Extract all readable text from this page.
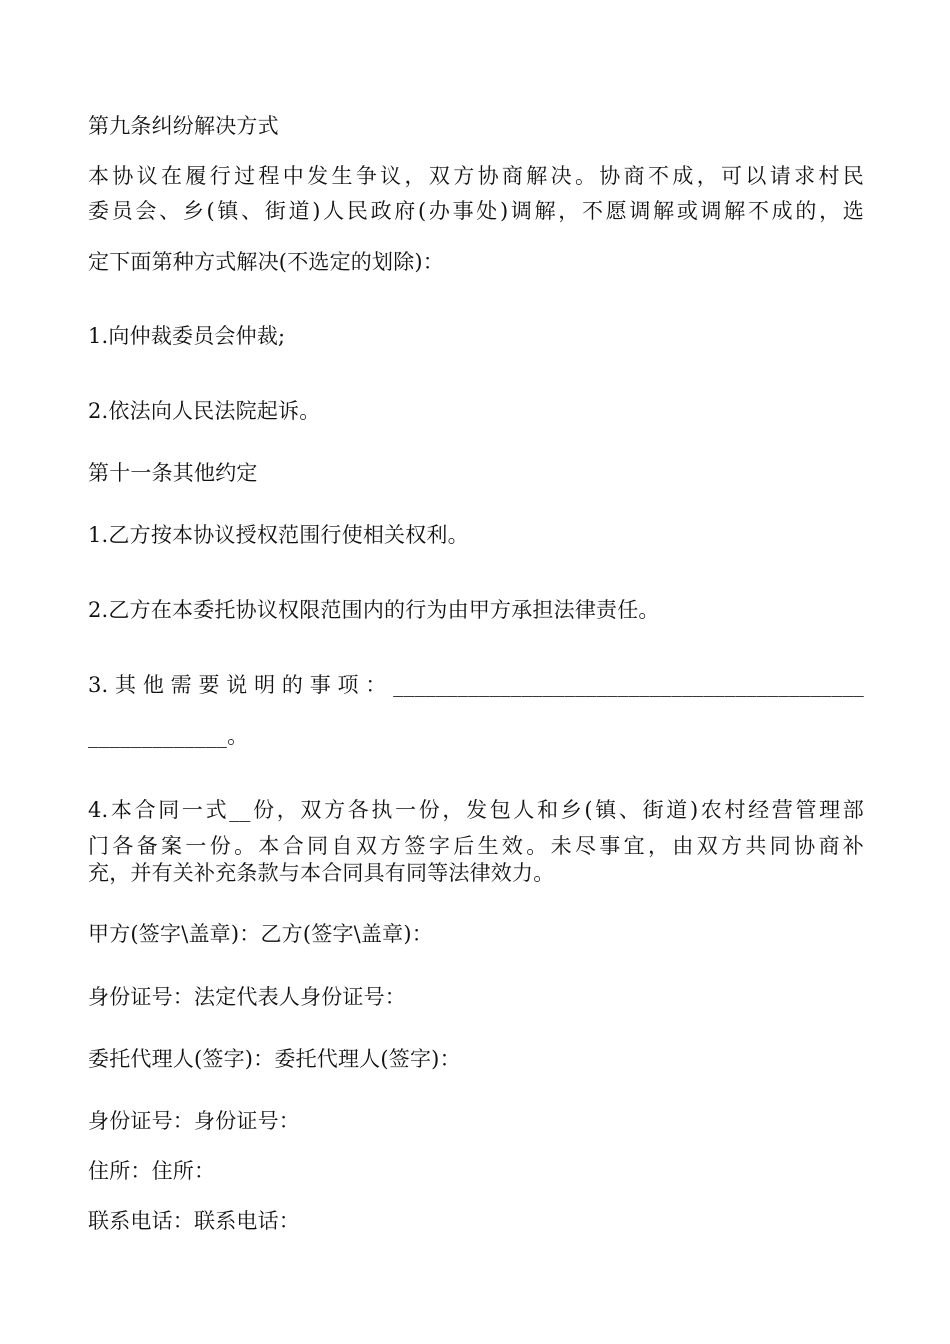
第九条纠纷解决方式
本协议在履行过程中发生争议，双方协商解决。协商不成，可以请求村民
委员会、乡(镇、街道)人民政府(办事处)调解，不愿调解或调解不成的，选
定下面第种方式解决(不选定的划除)：
1.向仲裁委员会仲裁;
2.依法向人民法院起诉。
第十一条其他约定
1.乙方按本协议授权范围行使相关权利。
2.乙方在本委托协议权限范围内的行为由甲方承担法律责任。
3.其他需要说明的事项：____________________________________________
_____________。
4.本合同一式__份，双方各执一份，发包人和乡(镇、街道)农村经营管理部
门各备案一份。本合同自双方签字后生效。未尽事宜，由双方共同协商补
充，并有关补充条款与本合同具有同等法律效力。
甲方(签字\盖章)：乙方(签字\盖章)：
身份证号：法定代表人身份证号：
委托代理人(签字)：委托代理人(签字)：
身份证号：身份证号：
住所：住所：
联系电话：联系电话：
